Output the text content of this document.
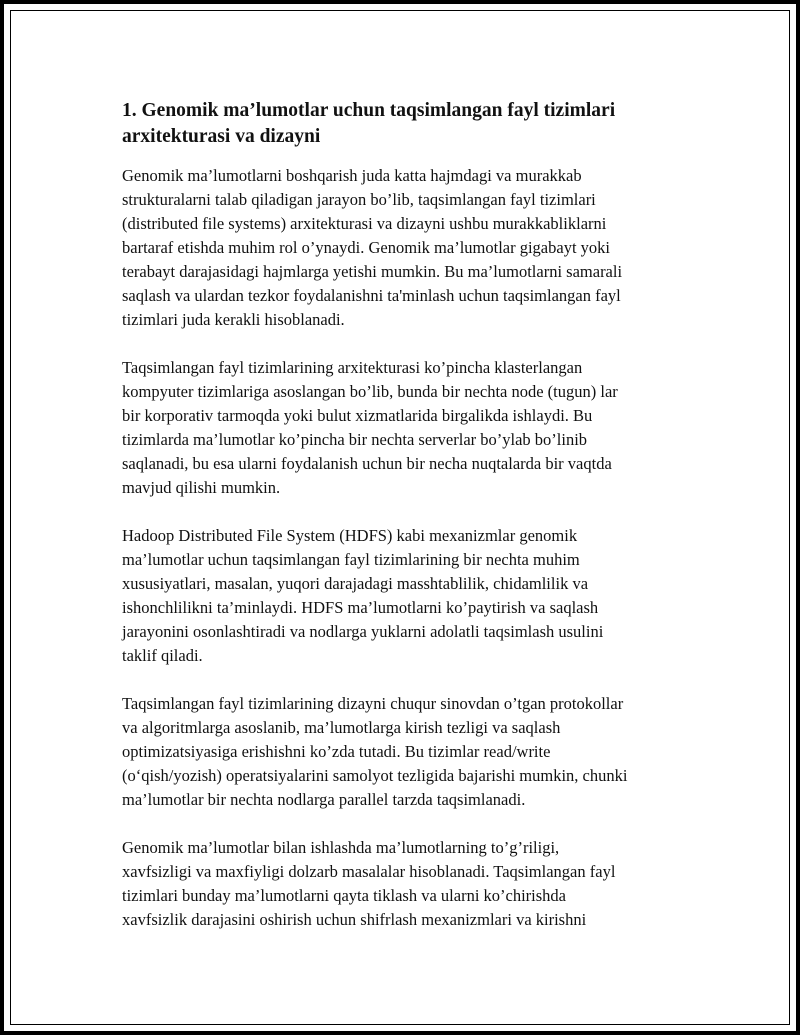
1. Genomik ma’lumotlar uchun taqsimlangan fayl tizimlari
arxitekturasi va dizayni

Genomik ma’lumotlarni boshqarish juda katta hajmdagi va murakkab
strukturalarni talab qiladigan jarayon bo’lib, taqsimlangan fayl tizimlari
(distributed file systems) arxitekturasi va dizayni ushbu murakkabliklarni
bartaraf etishda muhim rol o’ynaydi. Genomik ma’lumotlar gigabayt yoki
terabayt darajasidagi hajmlarga yetishi mumkin. Bu ma’lumotlarni samarali
saqlash va ulardan tezkor foydalanishni ta'minlash uchun taqsimlangan fayl
tizimlari juda kerakli hisoblanadi.

Taqsimlangan fayl tizimlarining arxitekturasi ko’pincha klasterlangan
kompyuter tizimlariga asoslangan bo’lib, bunda bir nechta node (tugun) lar
bir korporativ tarmoqda yoki bulut xizmatlarida birgalikda ishlaydi. Bu
tizimlarda ma’lumotlar ko’pincha bir nechta serverlar bo’ylab bo’linib
saqlanadi, bu esa ularni foydalanish uchun bir necha nuqtalarda bir vaqtda
mavjud qilishi mumkin.

Hadoop Distributed File System (HDFS) kabi mexanizmlar genomik
ma’lumotlar uchun taqsimlangan fayl tizimlarining bir nechta muhim
xususiyatlari, masalan, yuqori darajadagi masshtablilik, chidamlilik va
ishonchlilikni ta’minlaydi. HDFS ma’lumotlarni ko’paytirish va saqlash
jarayonini osonlashtiradi va nodlarga yuklarni adolatli taqsimlash usulini
taklif qiladi.

Taqsimlangan fayl tizimlarining dizayni chuqur sinovdan o’tgan protokollar
va algoritmlarga asoslanib, ma’lumotlarga kirish tezligi va saqlash
optimizatsiyasiga erishishni ko’zda tutadi. Bu tizimlar read/write
(o‘qish/yozish) operatsiyalarini samolyot tezligida bajarishi mumkin, chunki
ma’lumotlar bir nechta nodlarga parallel tarzda taqsimlanadi.

Genomik ma’lumotlar bilan ishlashda ma’lumotlarning to’g’riligi,
xavfsizligi va maxfiyligi dolzarb masalalar hisoblanadi. Taqsimlangan fayl
tizimlari bunday ma’lumotlarni qayta tiklash va ularni ko’chirishda
xavfsizlik darajasini oshirish uchun shifrlash mexanizmlari va kirishni
